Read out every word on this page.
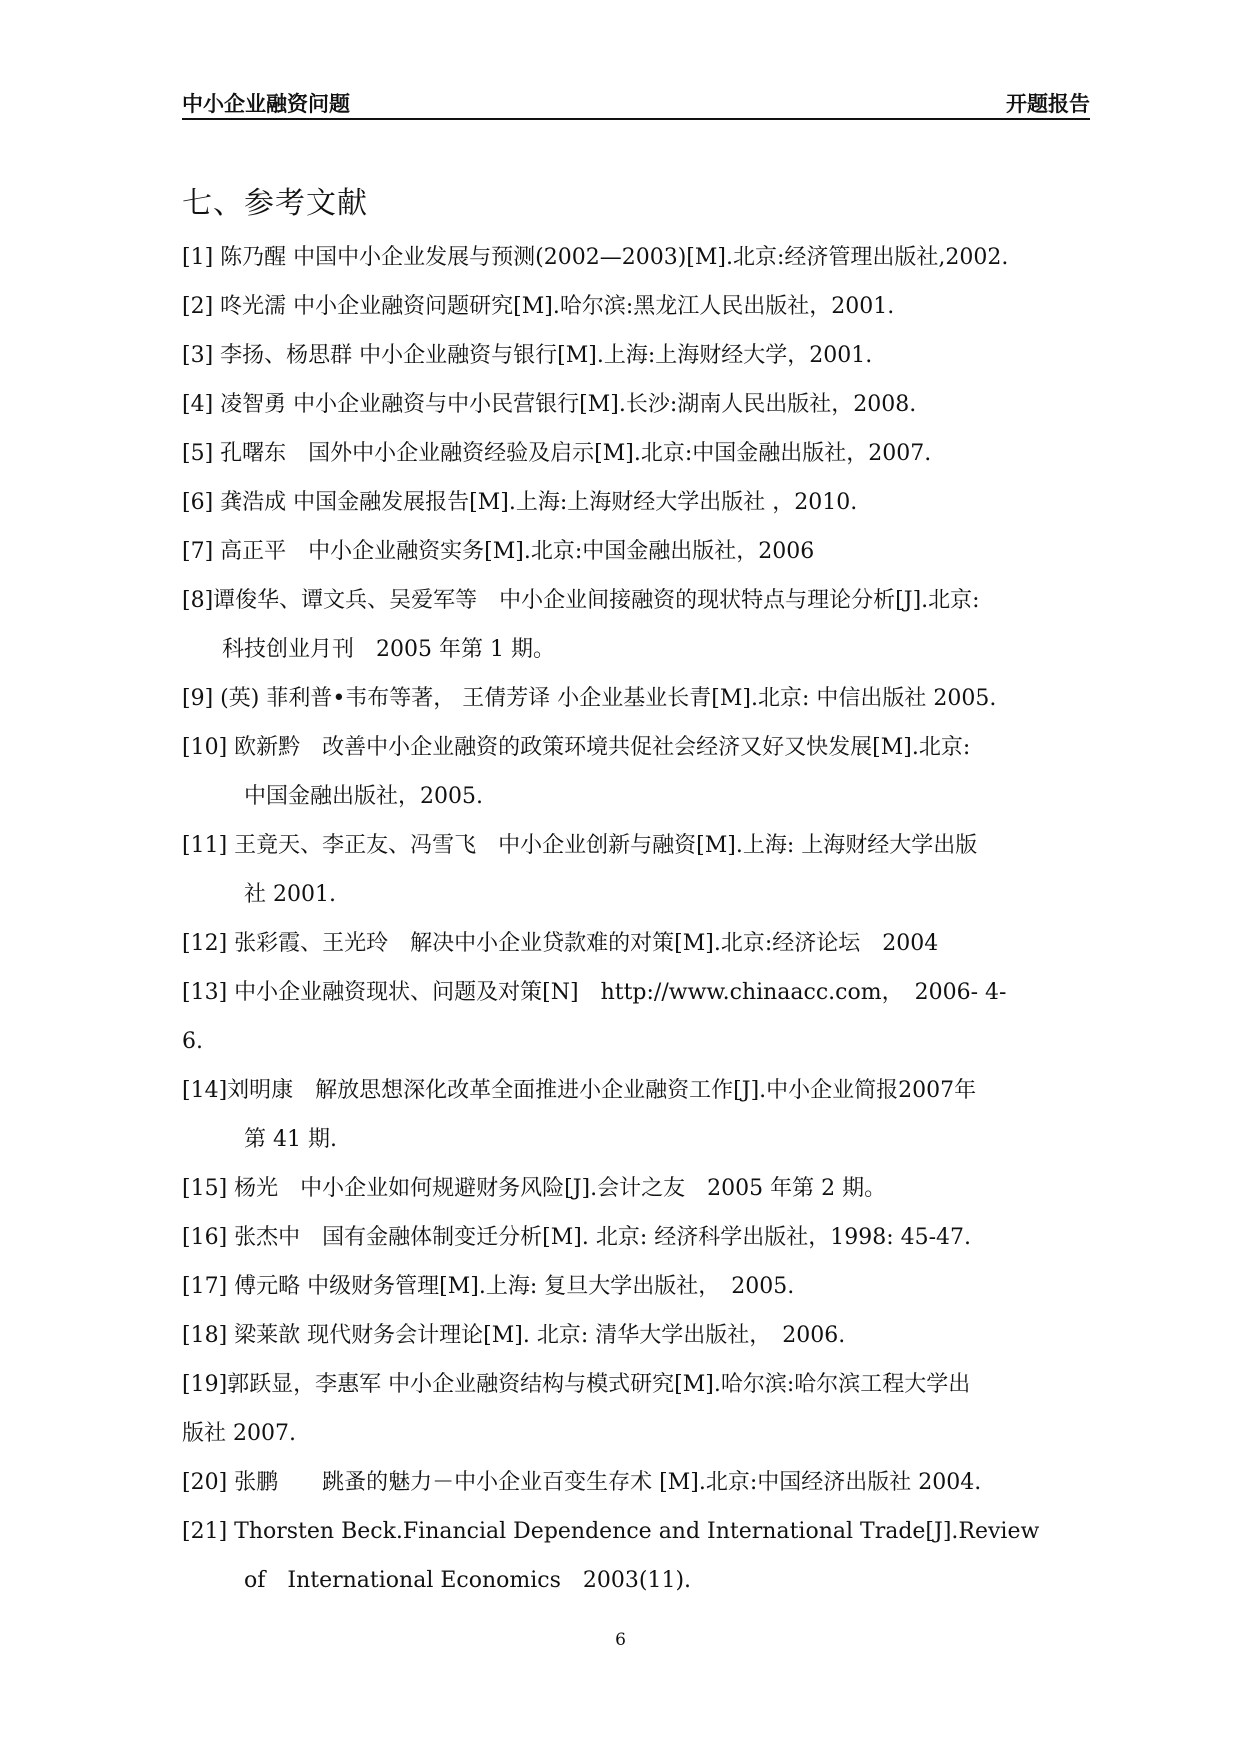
中小企业融资问题	开题报告
七、参考文献
[1] 陈乃醒 中国中小企业发展与预测(2002—2003)[M].北京:经济管理出版社,2002.
[2] 咚光濡 中小企业融资问题研究[M].哈尔滨:黑龙江人民出版社，2001.
[3] 李扬、杨思群 中小企业融资与银行[M].上海:上海财经大学，2001.
[4] 凌智勇 中小企业融资与中小民营银行[M].长沙:湖南人民出版社，2008.
[5] 孔曙东　国外中小企业融资经验及启示[M].北京:中国金融出版社，2007.
[6] 龚浩成 中国金融发展报告[M].上海:上海财经大学出版社 ，2010.
[7] 高正平　中小企业融资实务[M].北京:中国金融出版社，2006
[8]谭俊华、谭文兵、吴爱军等　中小企业间接融资的现状特点与理论分析[J].北京:
科技创业月刊　2005 年第 1 期。
[9] (英) 菲利普•韦布等著， 王倩芳译 小企业基业长青[M].北京: 中信出版社 2005.
[10] 欧新黔　改善中小企业融资的政策环境共促社会经济又好又快发展[M].北京:
中国金融出版社，2005.
[11] 王竟天、李正友、冯雪飞　中小企业创新与融资[M].上海: 上海财经大学出版
社 2001.
[12] 张彩霞、王光玲　解决中小企业贷款难的对策[M].北京:经济论坛　2004
[13] 中小企业融资现状、问题及对策[N]　http://www.chinaacc.com，　2006- 4-
6.
[14]刘明康　解放思想深化改革全面推进小企业融资工作[J].中小企业简报2007年
第 41 期.
[15] 杨光　中小企业如何规避财务风险[J].会计之友　2005 年第 2 期。
[16] 张杰中　国有金融体制变迁分析[M]. 北京: 经济科学出版社，1998: 45-47.
[17] 傅元略 中级财务管理[M].上海: 复旦大学出版社，　2005.
[18] 梁莱歆 现代财务会计理论[M]. 北京: 清华大学出版社，　2006.
[19]郭跃显，李惠军 中小企业融资结构与模式研究[M].哈尔滨:哈尔滨工程大学出
版社 2007.
[20] 张鹏　　跳蚤的魅力－中小企业百变生存术 [M].北京:中国经济出版社 2004.
[21] Thorsten Beck.Financial Dependence and International Trade[J].Review
of　International Economics　2003(11).
6
